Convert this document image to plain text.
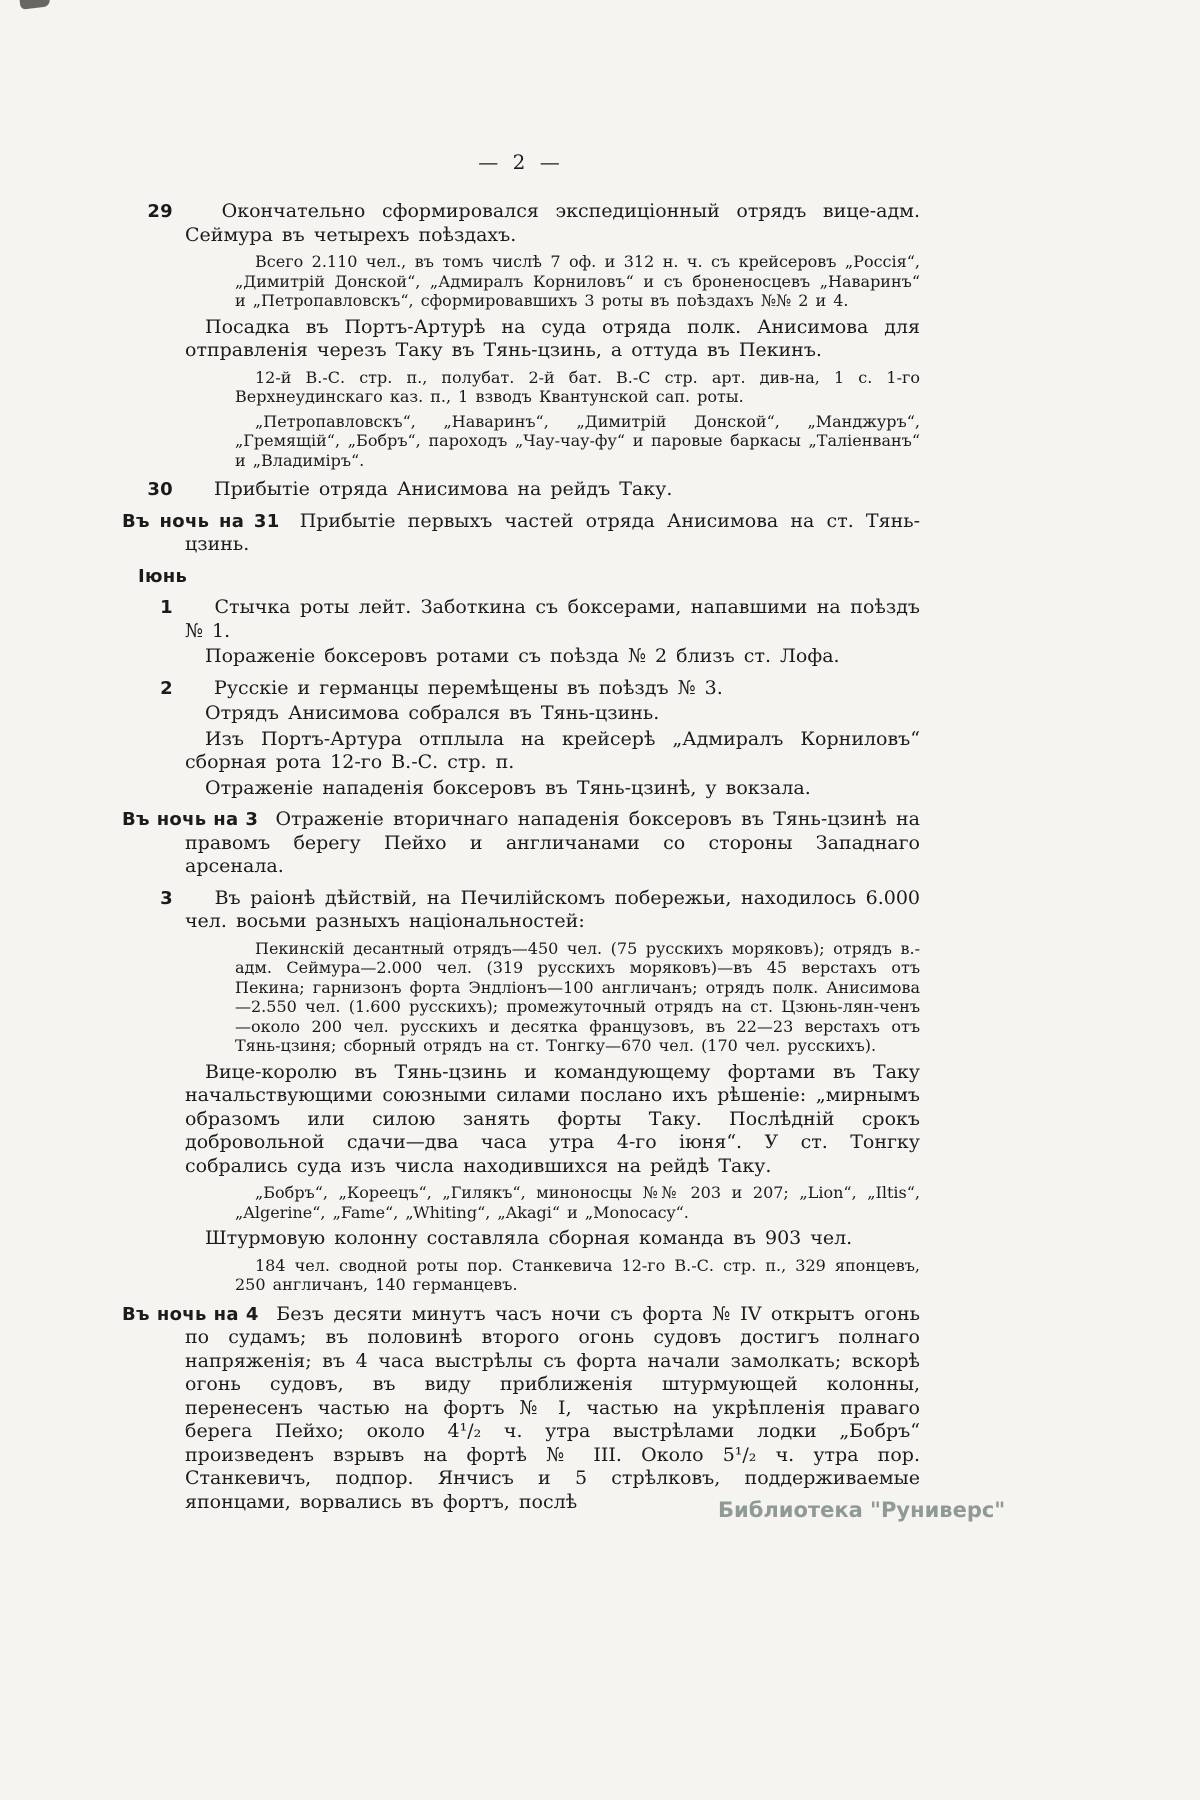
— 2 —

29 Окончательно сформировался экспедиціонный отрядъ вице-адм. Сеймура въ четырехъ поѣздахъ.

Всего 2.110 чел., въ томъ числѣ 7 оф. и 312 н. ч. съ крейсеровъ „Россія“, „Димитрій Донской“, „Адмиралъ Корниловъ“ и съ броненосцевъ „Наваринъ“ и „Петропавловскъ“, сформировавшихъ 3 роты въ поѣздахъ №№ 2 и 4.

Посадка въ Портъ-Артурѣ на суда отряда полк. Анисимова для отправленія черезъ Таку въ Тянь-цзинь, а оттуда въ Пекинъ.

12-й В.-С. стр. п., полубат. 2-й бат. В.-С стр. арт. див-на, 1 с. 1-го Верхнеудинскаго каз. п., 1 взводъ Квантунской сап. роты.

„Петропавловскъ“, „Наваринъ“, „Димитрій Донской“, „Манджуръ“, „Гремящій“, „Бобръ“, пароходъ „Чау-чау-фу“ и паровые баркасы „Таліенванъ“ и „Владиміръ“.

30 Прибытіе отряда Анисимова на рейдъ Таку.

Въ ночь на 31 Прибытіе первыхъ частей отряда Анисимова на ст. Тянь-цзинь.

Іюнь

1 Стычка роты лейт. Заботкина съ боксерами, напавшими на поѣздъ № 1.

Пораженіе боксеровъ ротами съ поѣзда № 2 близъ ст. Лофа.

2 Русскіе и германцы перемѣщены въ поѣздъ № 3.

Отрядъ Анисимова собрался въ Тянь-цзинь.

Изъ Портъ-Артура отплыла на крейсерѣ „Адмиралъ Корниловъ“ сборная рота 12-го В.-С. стр. п.

Отраженіе нападенія боксеровъ въ Тянь-цзинѣ, у вокзала.

Въ ночь на 3 Отраженіе вторичнаго нападенія боксеровъ въ Тянь-цзинѣ на правомъ берегу Пейхо и англичанами со стороны Западнаго арсенала.

3 Въ раіонѣ дѣйствій, на Печилійскомъ побережьи, находилось 6.000 чел. восьми разныхъ національностей:

Пекинскій десантный отрядъ—450 чел. (75 русскихъ моряковъ); отрядъ в.-адм. Сеймура—2.000 чел. (319 русскихъ моряковъ)—въ 45 верстахъ отъ Пекина; гарнизонъ форта Эндліонъ—100 англичанъ; отрядъ полк. Анисимова—2.550 чел. (1.600 русскихъ); промежуточный отрядъ на ст. Цзюнь-лян-ченъ—около 200 чел. русскихъ и десятка французовъ, въ 22—23 верстахъ отъ Тянь-цзиня; сборный отрядъ на ст. Тонгку—670 чел. (170 чел. русскихъ).

Вице-королю въ Тянь-цзинь и командующему фортами въ Таку начальствующими союзными силами послано ихъ рѣшеніе: „мирнымъ образомъ или силою занять форты Таку. Послѣдній срокъ добровольной сдачи—два часа утра 4-го іюня“. У ст. Тонгку собрались суда изъ числа находившихся на рейдѣ Таку.

„Бобръ“, „Кореецъ“, „Гилякъ“, миноносцы №№ 203 и 207; „Lion“, „Iltis“, „Algerine“, „Fame“, „Whiting“, „Akagi“ и „Monocacy“.

Штурмовую колонну составляла сборная команда въ 903 чел.

184 чел. сводной роты пор. Станкевича 12-го В.-С. стр. п., 329 японцевъ, 250 англичанъ, 140 германцевъ.

Въ ночь на 4 Безъ десяти минутъ часъ ночи съ форта № IV открытъ огонь по судамъ; въ половинѣ второго огонь судовъ достигъ полнаго напряженія; въ 4 часа выстрѣлы съ форта начали замолкать; вскорѣ огонь судовъ, въ виду приближенія штурмующей колонны, перенесенъ частью на фортъ № I, частью на укрѣпленія праваго берега Пейхо; около 4¹/₂ ч. утра выстрѣлами лодки „Бобръ“ произведенъ взрывъ на фортѣ № III. Около 5¹/₂ ч. утра пор. Станкевичъ, подпор. Янчисъ и 5 стрѣлковъ, поддерживаемые японцами, ворвались въ фортъ, послѣ	Библиотека "Руниверс"
